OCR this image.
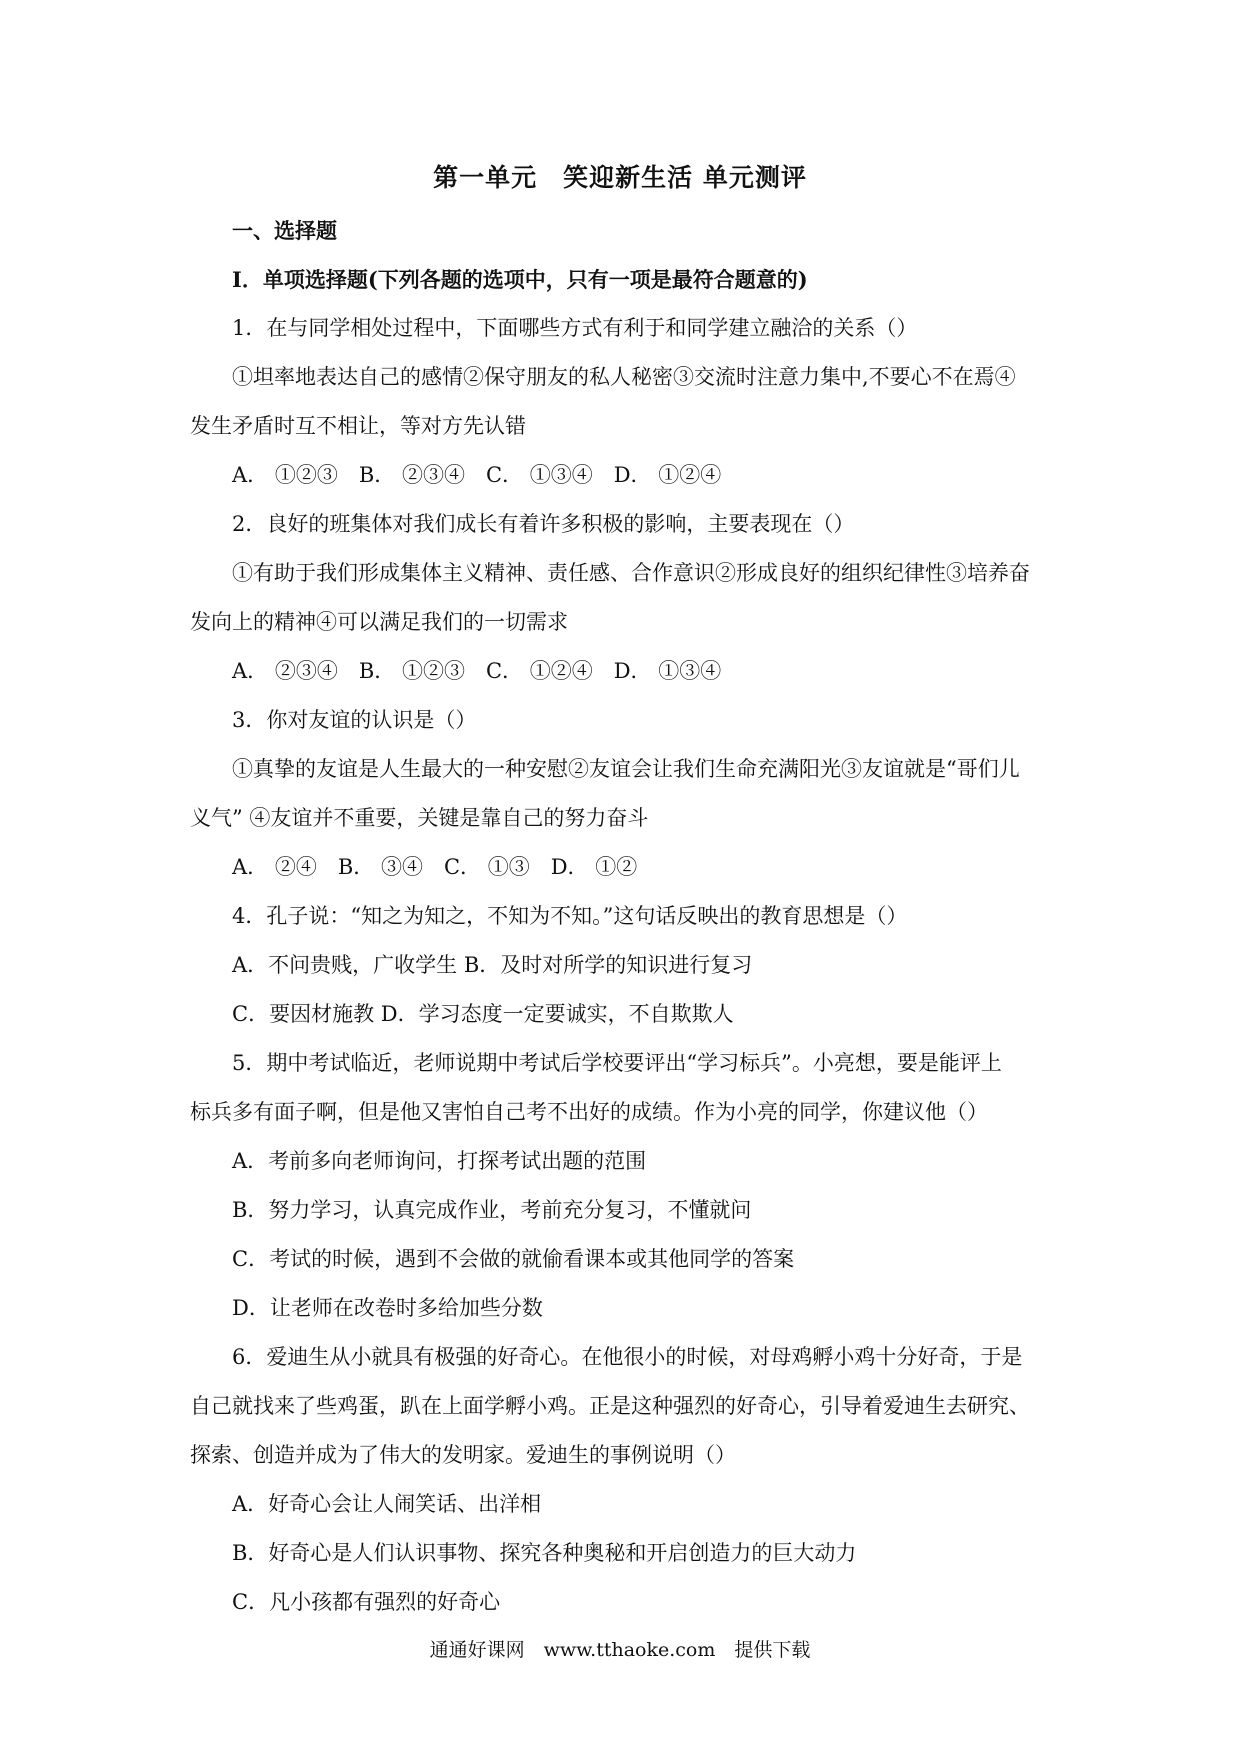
第一单元　笑迎新生活 单元测评

一、选择题

Ⅰ．单项选择题(下列各题的选项中，只有一项是最符合题意的)

1．在与同学相处过程中，下面哪些方式有利于和同学建立融洽的关系（）

①坦率地表达自己的感情②保守朋友的私人秘密③交流时注意力集中,不要心不在焉④

发生矛盾时互不相让，等对方先认错

A． ①②③　B． ②③④　C． ①③④　D． ①②④

2．良好的班集体对我们成长有着许多积极的影响，主要表现在（）

①有助于我们形成集体主义精神、责任感、合作意识②形成良好的组织纪律性③培养奋

发向上的精神④可以满足我们的一切需求

A． ②③④　B． ①②③　C． ①②④　D． ①③④

3．你对友谊的认识是（）

①真挚的友谊是人生最大的一种安慰②友谊会让我们生命充满阳光③友谊就是“哥们儿

义气” ④友谊并不重要，关键是靠自己的努力奋斗

A． ②④　B． ③④　C． ①③　D． ①②

4．孔子说：“知之为知之，不知为不知。”这句话反映出的教育思想是（）

A．不问贵贱，广收学生 B．及时对所学的知识进行复习

C．要因材施教 D．学习态度一定要诚实，不自欺欺人

5．期中考试临近，老师说期中考试后学校要评出“学习标兵”。小亮想，要是能评上

标兵多有面子啊，但是他又害怕自己考不出好的成绩。作为小亮的同学，你建议他（）

A．考前多向老师询问，打探考试出题的范围

B．努力学习，认真完成作业，考前充分复习，不懂就问

C．考试的时候，遇到不会做的就偷看课本或其他同学的答案

D．让老师在改卷时多给加些分数

6．爱迪生从小就具有极强的好奇心。在他很小的时候，对母鸡孵小鸡十分好奇，于是

自己就找来了些鸡蛋，趴在上面学孵小鸡。正是这种强烈的好奇心，引导着爱迪生去研究、

探索、创造并成为了伟大的发明家。爱迪生的事例说明（）

A．好奇心会让人闹笑话、出洋相

B．好奇心是人们认识事物、探究各种奥秘和开启创造力的巨大动力

C．凡小孩都有强烈的好奇心

通通好课网　www.tthaoke.com　提供下载
